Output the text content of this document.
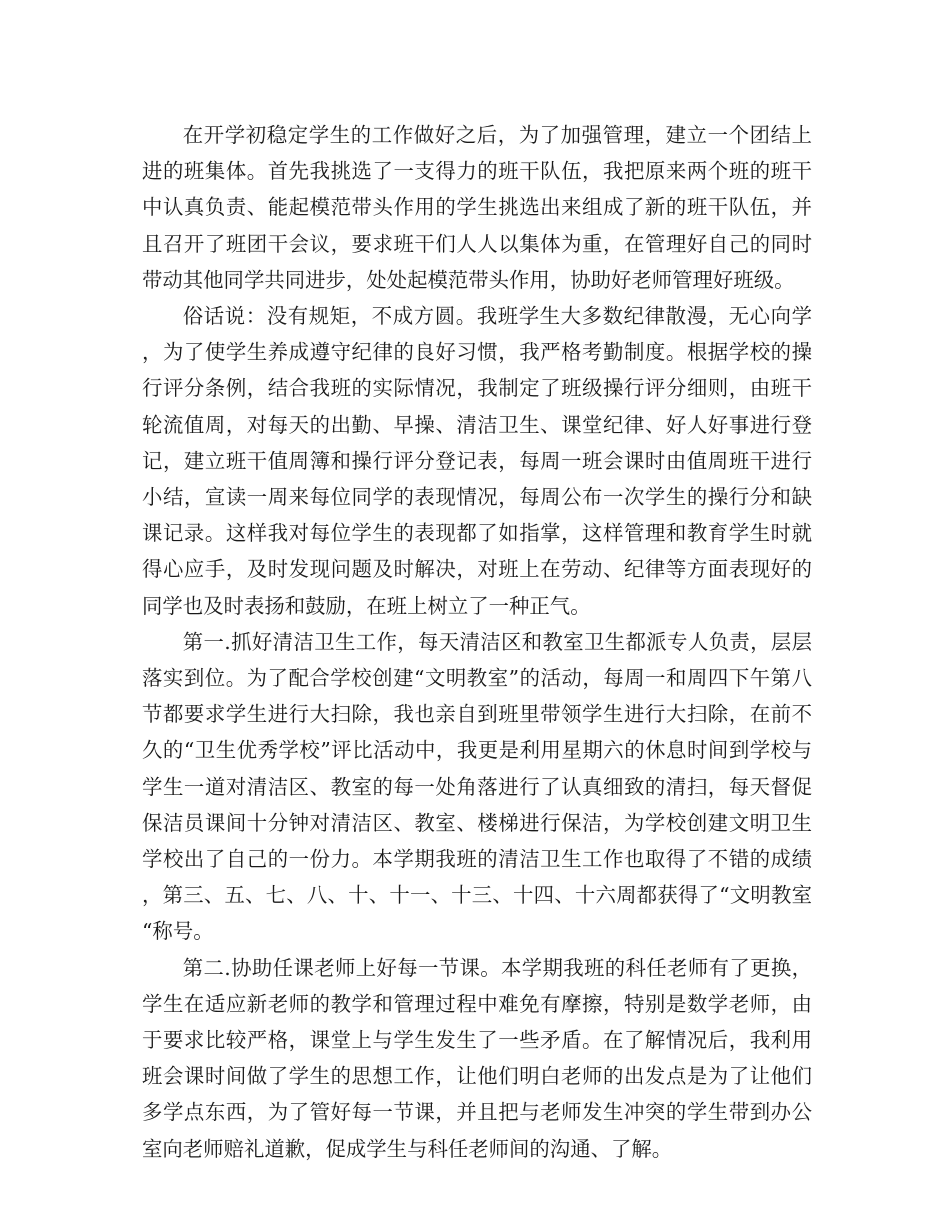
在开学初稳定学生的工作做好之后，为了加强管理，建立一个团结上进的班集体。首先我挑选了一支得力的班干队伍，我把原来两个班的班干中认真负责、能起模范带头作用的学生挑选出来组成了新的班干队伍，并且召开了班团干会议，要求班干们人人以集体为重，在管理好自己的同时带动其他同学共同进步，处处起模范带头作用，协助好老师管理好班级。

俗话说：没有规矩，不成方圆。我班学生大多数纪律散漫，无心向学，为了使学生养成遵守纪律的良好习惯，我严格考勤制度。根据学校的操行评分条例，结合我班的实际情况，我制定了班级操行评分细则，由班干轮流值周，对每天的出勤、早操、清洁卫生、课堂纪律、好人好事进行登记，建立班干值周簿和操行评分登记表，每周一班会课时由值周班干进行小结，宣读一周来每位同学的表现情况，每周公布一次学生的操行分和缺课记录。这样我对每位学生的表现都了如指掌，这样管理和教育学生时就得心应手，及时发现问题及时解决，对班上在劳动、纪律等方面表现好的同学也及时表扬和鼓励，在班上树立了一种正气。

第一.抓好清洁卫生工作，每天清洁区和教室卫生都派专人负责，层层落实到位。为了配合学校创建“文明教室”的活动，每周一和周四下午第八节都要求学生进行大扫除，我也亲自到班里带领学生进行大扫除，在前不久的“卫生优秀学校”评比活动中，我更是利用星期六的休息时间到学校与学生一道对清洁区、教室的每一处角落进行了认真细致的清扫，每天督促保洁员课间十分钟对清洁区、教室、楼梯进行保洁，为学校创建文明卫生学校出了自己的一份力。本学期我班的清洁卫生工作也取得了不错的成绩，第三、五、七、八、十、十一、十三、十四、十六周都获得了“文明教室“称号。

第二.协助任课老师上好每一节课。本学期我班的科任老师有了更换，学生在适应新老师的教学和管理过程中难免有摩擦，特别是数学老师，由于要求比较严格，课堂上与学生发生了一些矛盾。在了解情况后，我利用班会课时间做了学生的思想工作，让他们明白老师的出发点是为了让他们多学点东西，为了管好每一节课，并且把与老师发生冲突的学生带到办公室向老师赔礼道歉，促成学生与科任老师间的沟通、了解。
